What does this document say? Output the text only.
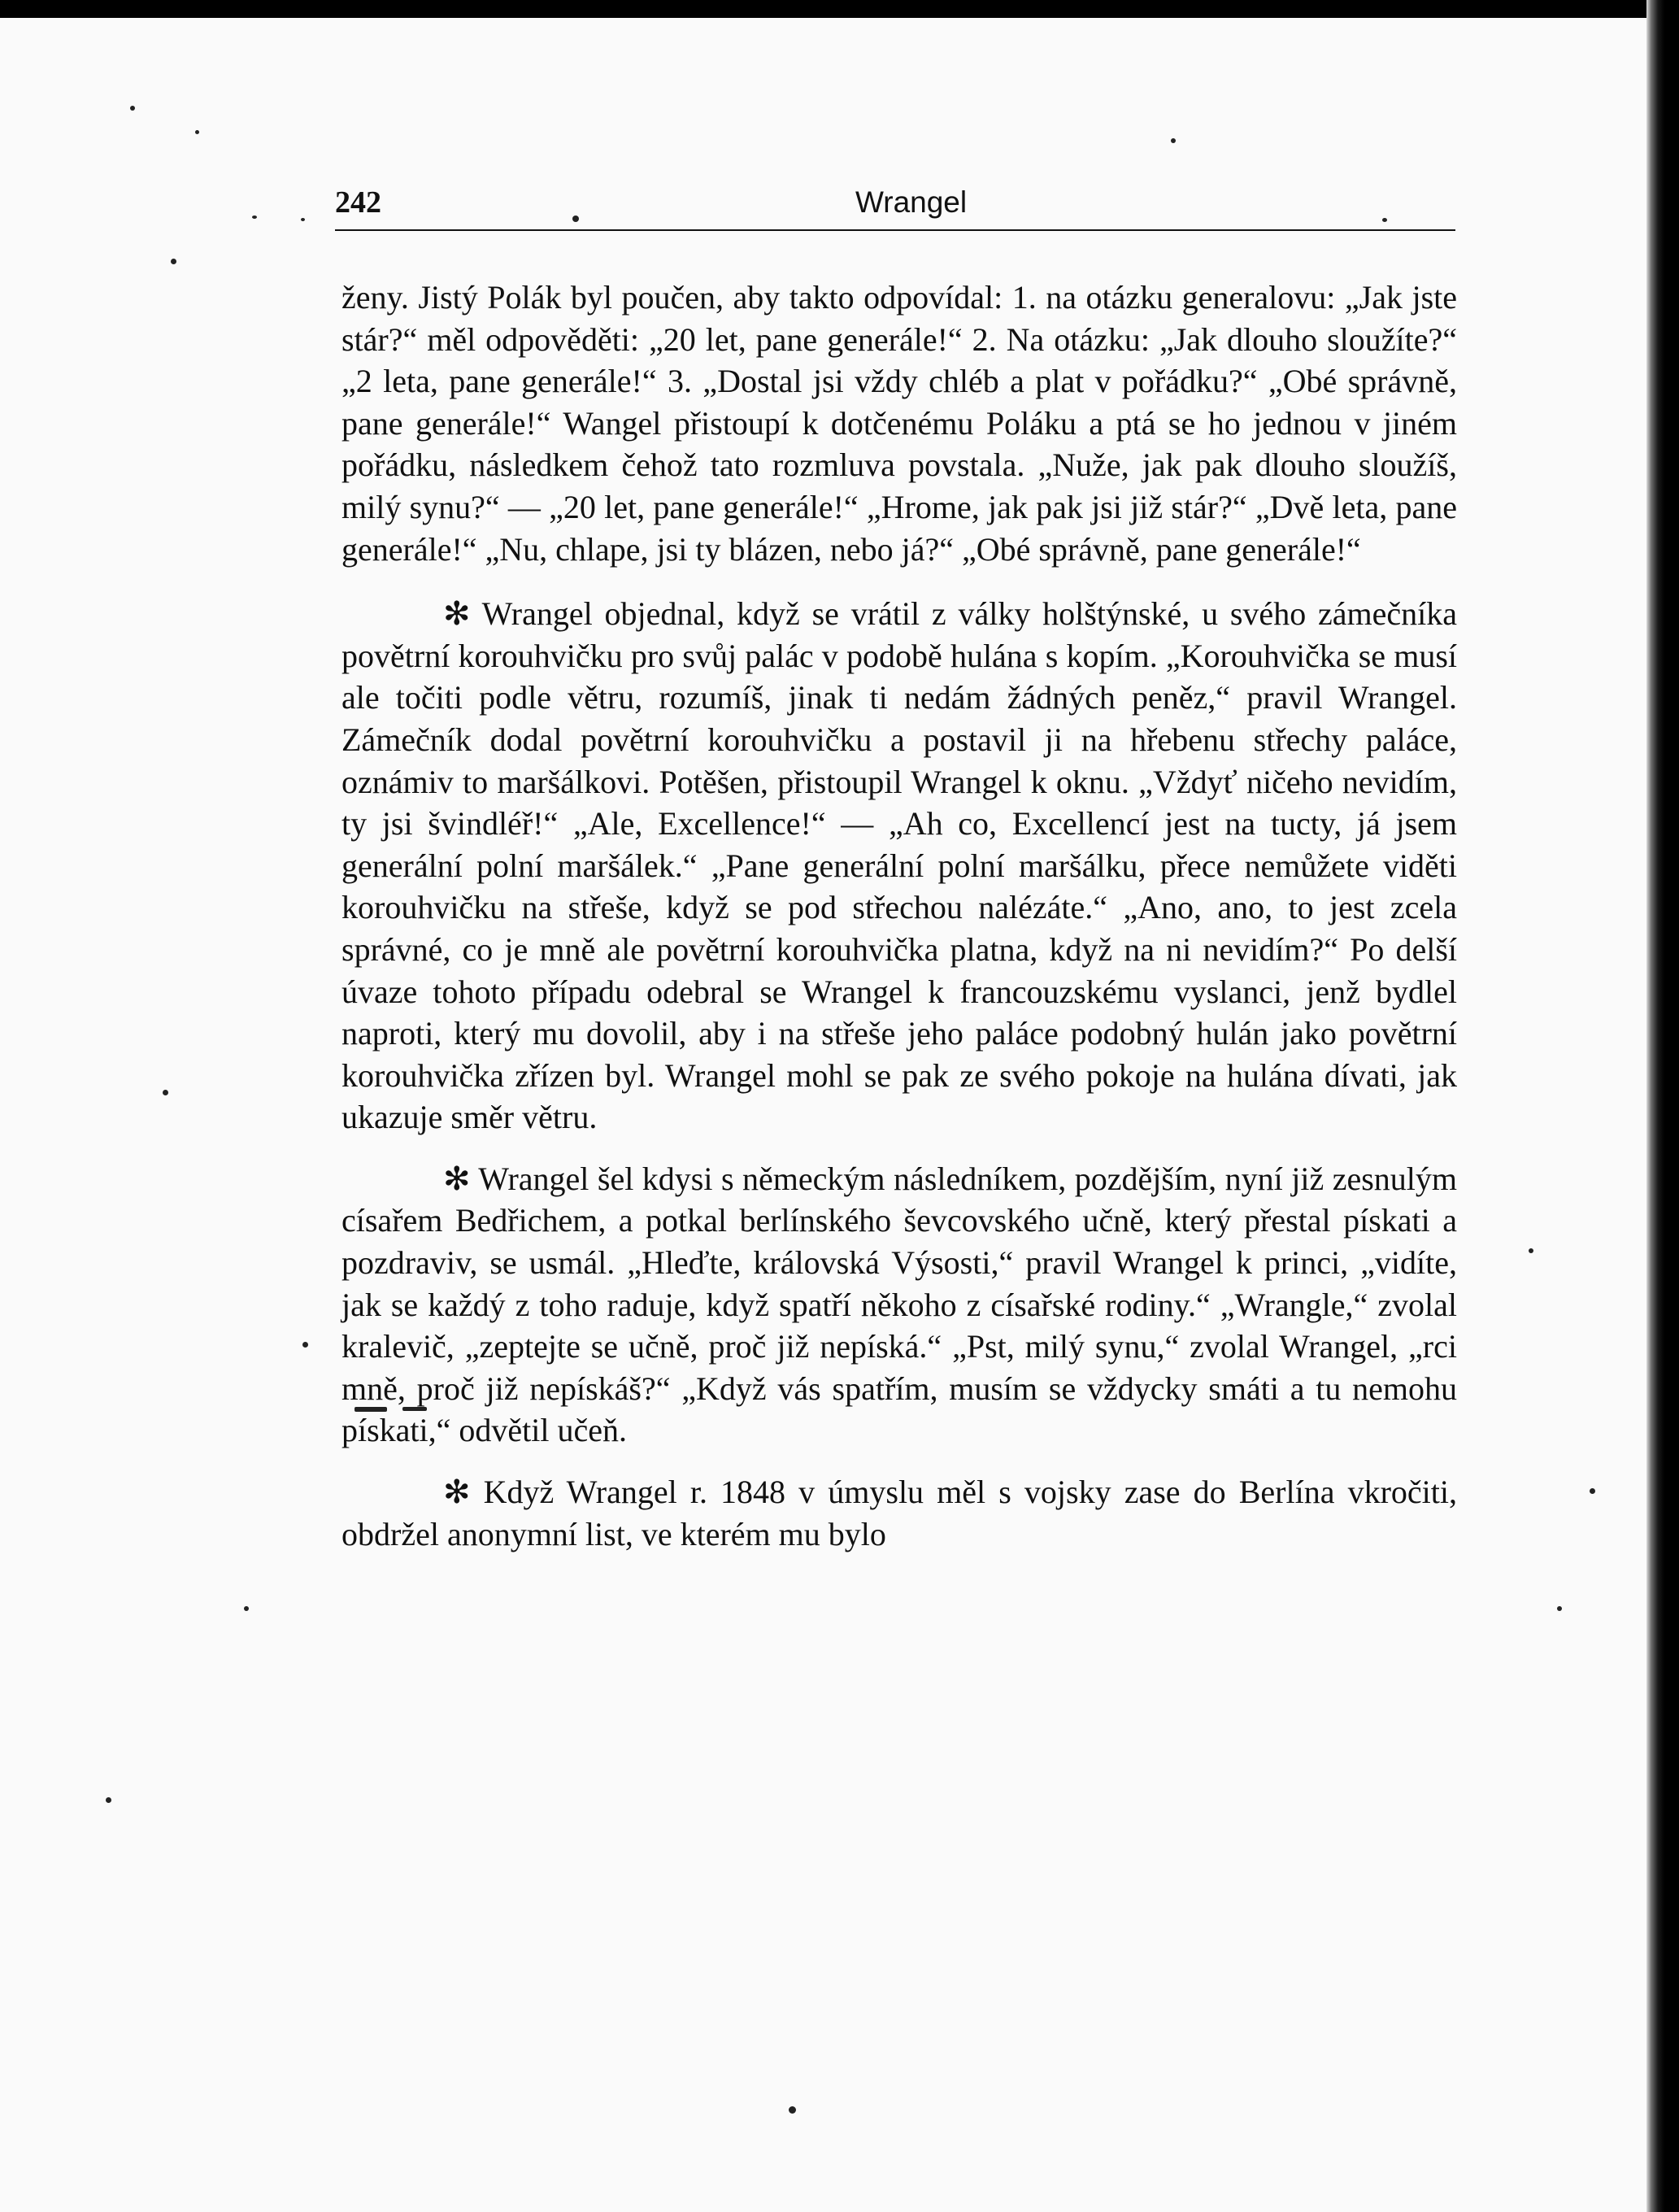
242	Wrangel

ženy. Jistý Polák byl poučen, aby takto odpovídal: 1. na otázku generalovu: „Jak jste stár?“ měl odpověděti: „20 let, pane generále!“ 2. Na otázku: „Jak dlouho sloužíte?“ „2 leta, pane generále!“ 3. „Dostal jsi vždy chléb a plat v pořádku?“ „Obé správně, pane generále!“ Wangel přistoupí k dotčenému Poláku a ptá se ho jednou v jiném pořádku, následkem čehož tato rozmluva povstala. „Nuže, jak pak dlouho sloužíš, milý synu?“ — „20 let, pane generále!“ „Hrome, jak pak jsi již stár?“ „Dvě leta, pane generále!“ „Nu, chlape, jsi ty blázen, nebo já?“ „Obé správně, pane generále!“

✻ Wrangel objednal, když se vrátil z války holštýnské, u svého zámečníka povětrní korouhvičku pro svůj palác v podobě hulána s kopím. „Korouhvička se musí ale točiti podle větru, rozumíš, jinak ti nedám žádných peněz,“ pravil Wrangel. Zámečník dodal povětrní korouhvičku a postavil ji na hřebenu střechy paláce, oznámiv to maršálkovi. Potěšen, přistoupil Wrangel k oknu. „Vždyť ničeho nevidím, ty jsi švindléř!“ „Ale, Excellence!“ — „Ah co, Excellencí jest na tucty, já jsem generální polní maršálek.“ „Pane generální polní maršálku, přece nemůžete viděti korouhvičku na střeše, když se pod střechou nalézáte.“ „Ano, ano, to jest zcela správné, co je mně ale povětrní korouhvička platna, když na ni nevidím?“ Po delší úvaze tohoto případu odebral se Wrangel k francouzskému vyslanci, jenž bydlel naproti, který mu dovolil, aby i na střeše jeho paláce podobný hulán jako povětrní korouhvička zřízen byl. Wrangel mohl se pak ze svého pokoje na hulána dívati, jak ukazuje směr větru.

✻ Wrangel šel kdysi s německým následníkem, pozdějším, nyní již zesnulým císařem Bedřichem, a potkal berlínského ševcovského učně, který přestal pískati a pozdraviv, se usmál. „Hleďte, královská Výsosti,“ pravil Wrangel k princi, „vidíte, jak se každý z toho raduje, když spatří někoho z císařské rodiny.“ „Wrangle,“ zvolal kralevič, „zeptejte se učně, proč již nepíská.“ „Pst, milý synu,“ zvolal Wrangel, „rci mně, proč již nepískáš?“ „Když vás spatřím, musím se vždycky smáti a tu nemohu pískati,“ odvětil učeň.

✻ Když Wrangel r. 1848 v úmyslu měl s vojsky zase do Berlína vkročiti, obdržel anonymní list, ve kterém mu bylo
